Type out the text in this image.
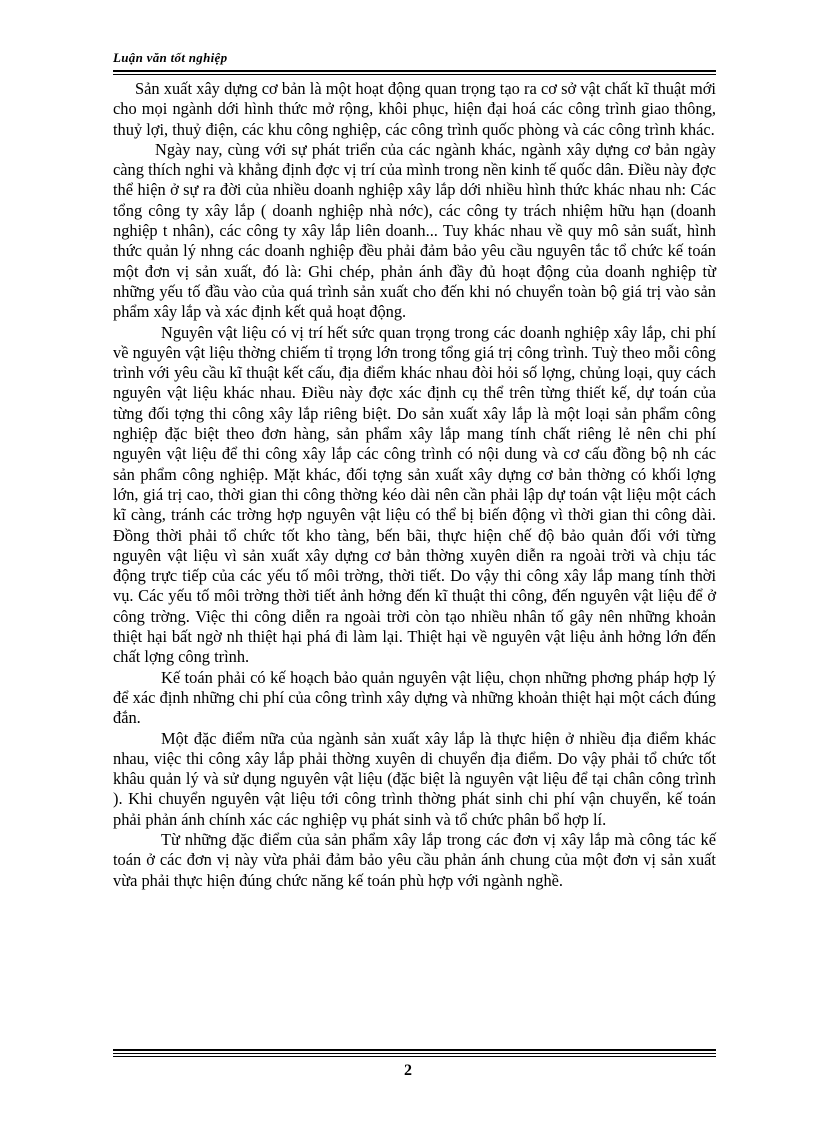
Luận văn tốt nghiệp

Sản xuất xây dựng cơ bản là một hoạt động quan trọng tạo ra cơ sở vật chất kĩ thuật mới cho mọi ngành dới hình thức mở rộng, khôi phục, hiện đại hoá các công trình giao thông, thuỷ lợi, thuỷ điện, các khu công nghiệp, các công trình quốc phòng và các công trình khác.

Ngày nay, cùng với sự phát triển của các ngành khác, ngành xây dựng cơ bản ngày càng thích nghi và khẳng định đợc vị trí của mình trong nền kinh tế quốc dân. Điều này đợc thể hiện ở sự ra đời của nhiều doanh nghiệp xây lắp dới nhiều hình thức khác nhau nh: Các tổng công ty xây lắp ( doanh nghiệp nhà nớc), các công ty trách nhiệm hữu hạn (doanh nghiệp t nhân), các công ty xây lắp liên doanh... Tuy khác nhau về quy mô sản suất, hình thức quản lý nhng các doanh nghiệp đều phải đảm bảo yêu cầu nguyên tắc tổ chức kế toán một đơn vị sản xuất, đó là: Ghi chép, phản ánh đầy đủ hoạt động của doanh nghiệp từ những yếu tố đầu vào của quá trình sản xuất cho đến khi nó chuyển toàn bộ giá trị vào sản phẩm xây lắp và xác định kết quả hoạt động.

Nguyên vật liệu có vị trí hết sức quan trọng trong các doanh nghiệp xây lắp, chi phí về nguyên vật liệu thờng chiếm tỉ trọng lớn trong tổng giá trị công trình. Tuỳ theo mỗi công trình với yêu cầu kĩ thuật kết cấu, địa điểm khác nhau đòi hỏi số lợng, chủng loại, quy cách nguyên vật liệu khác nhau. Điều này đợc xác định cụ thể trên từng thiết kế, dự toán của từng đối tợng thi công xây lắp riêng biệt. Do sản xuất xây lắp là một loại sản phẩm công nghiệp đặc biệt theo đơn hàng, sản phẩm xây lắp mang tính chất riêng lẻ nên chi phí nguyên vật liệu để thi công xây lắp các công trình có nội dung và cơ cấu đồng bộ nh các sản phẩm công nghiệp. Mặt khác, đối tợng sản xuất xây dựng cơ bản thờng có khối lợng lớn, giá trị cao, thời gian thi công thờng kéo dài nên cần phải lập dự toán vật liệu một cách kĩ càng, tránh các trờng hợp nguyên vật liệu có thể bị biến động vì thời gian thi công dài. Đồng thời phải tổ chức tốt kho tàng, bến bãi, thực hiện chế độ bảo quản đối với từng nguyên vật liệu vì sản xuất xây dựng cơ bản thờng xuyên diễn ra ngoài trời và chịu tác động trực tiếp của các yếu tố môi trờng, thời tiết. Do vậy thi công xây lắp mang tính thời vụ. Các yếu tố môi trờng thời tiết ảnh hởng đến kĩ thuật thi công, đến nguyên vật liệu để ở công trờng. Việc thi công diễn ra ngoài trời còn tạo nhiều nhân tố gây nên những khoản thiệt hại bất ngờ nh thiệt hại phá đi làm lại. Thiệt hại về nguyên vật liệu ảnh hởng lớn đến chất lợng công trình.

Kế toán phải có kế hoạch bảo quản nguyên vật liệu, chọn những phơng pháp hợp lý để xác định những chi phí của công trình xây dựng và những khoản thiệt hại một cách đúng đắn.

Một đặc điểm nữa của ngành sản xuất xây lắp là thực hiện ở nhiều địa điểm khác nhau, việc thi công xây lắp phải thờng xuyên di chuyển địa điểm. Do vậy phải tổ chức tốt khâu quản lý và sử dụng nguyên vật liệu (đặc biệt là nguyên vật liệu để tại chân công trình ). Khi chuyển nguyên vật liệu tới công trình thờng phát sinh chi phí vận chuyển, kế toán phải phản ánh chính xác các nghiệp vụ phát sinh và tổ chức phân bổ hợp lí.

Từ những đặc điểm của sản phẩm xây lắp trong các đơn vị xây lắp mà công tác kế toán ở các đơn vị này vừa phải đảm bảo yêu cầu phản ánh chung của một đơn vị sản xuất vừa phải thực hiện đúng chức năng kế toán phù hợp với ngành nghề.

2
